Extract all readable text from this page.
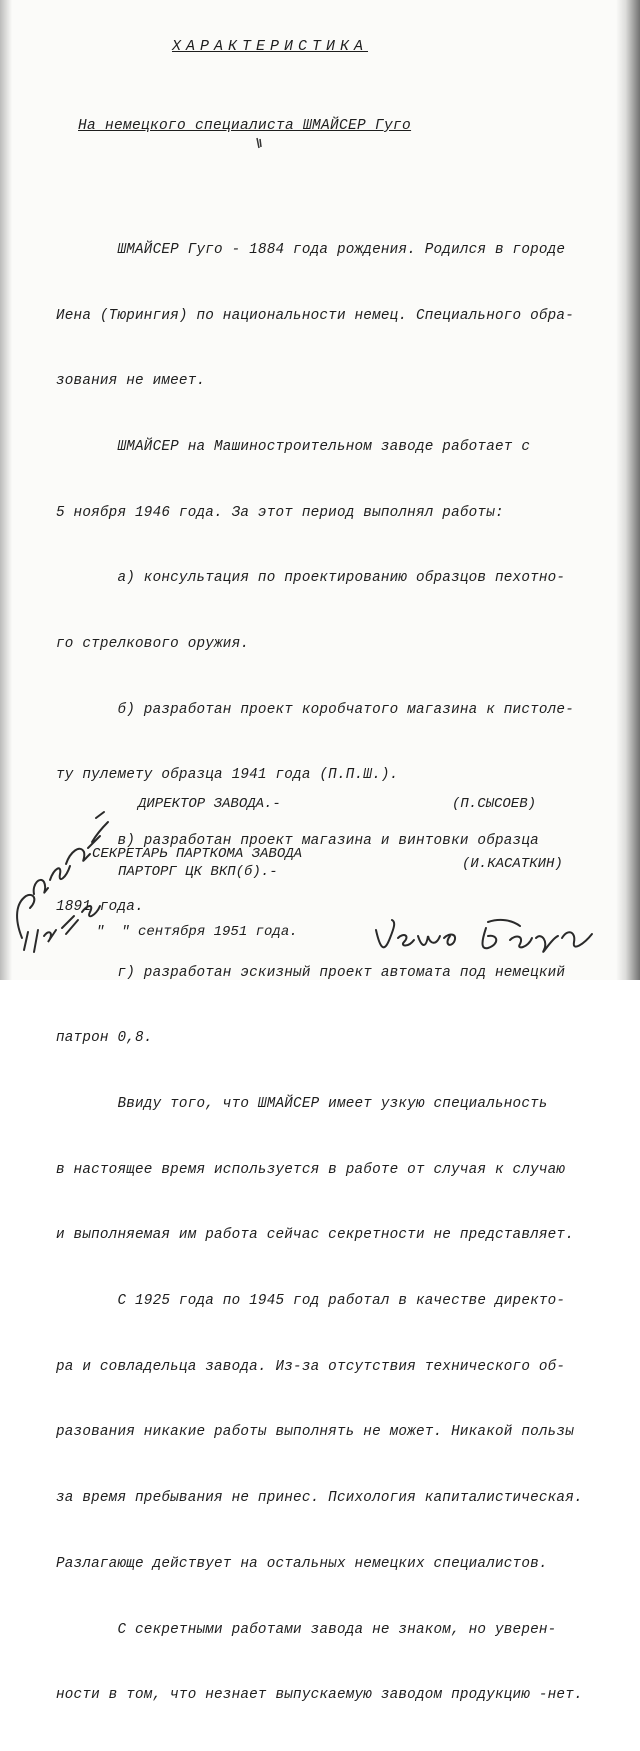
ХАРАКТЕРИСТИКА
На немецкого специалиста ШМАЙСЕР Гуго

ШМАЙСЕР Гуго - 1884 года рождения. Родился в городе

Иена (Тюрингия) по национальности немец. Специального обра-

зования не имеет.

ШМАЙСЕР на Машиностроительном заводе работает с

5 ноября 1946 года. За этот период выполнял работы:

а) консультация по проектированию образцов пехотно-

го стрелкового оружия.

б) разработан проект коробчатого магазина к пистоле-

ту пулемету образца 1941 года (П.П.Ш.).

в) разработан проект магазина и винтовки образца

1891 года.

г) разработан эскизный проект автомата под немецкий

патрон 0,8.

Ввиду того, что ШМАЙСЕР имеет узкую специальность

в настоящее время используется в работе от случая к случаю

и выполняемая им работа сейчас секретности не представляет.

С 1925 года по 1945 год работал в качестве директо-

ра и совладельца завода. Из-за отсутствия технического об-

разования никакие работы выполнять не может. Никакой пользы

за время пребывания не принес. Психология капиталистическая.

Разлагающе действует на остальных немецких специалистов.

С секретными работами завода не знаком, но уверен-

ности в том, что незнает выпускаемую заводом продукцию -нет.

ДИРЕКТОР ЗАВОДА.-	(П.СЫСОЕВ)
СЕКРЕТАРЬ ПАРТКОМА ЗАВОДА
ПАРТОРГ ЦК ВКП(б).-	(И.КАСАТКИН)
"  " сентября 1951 года.
